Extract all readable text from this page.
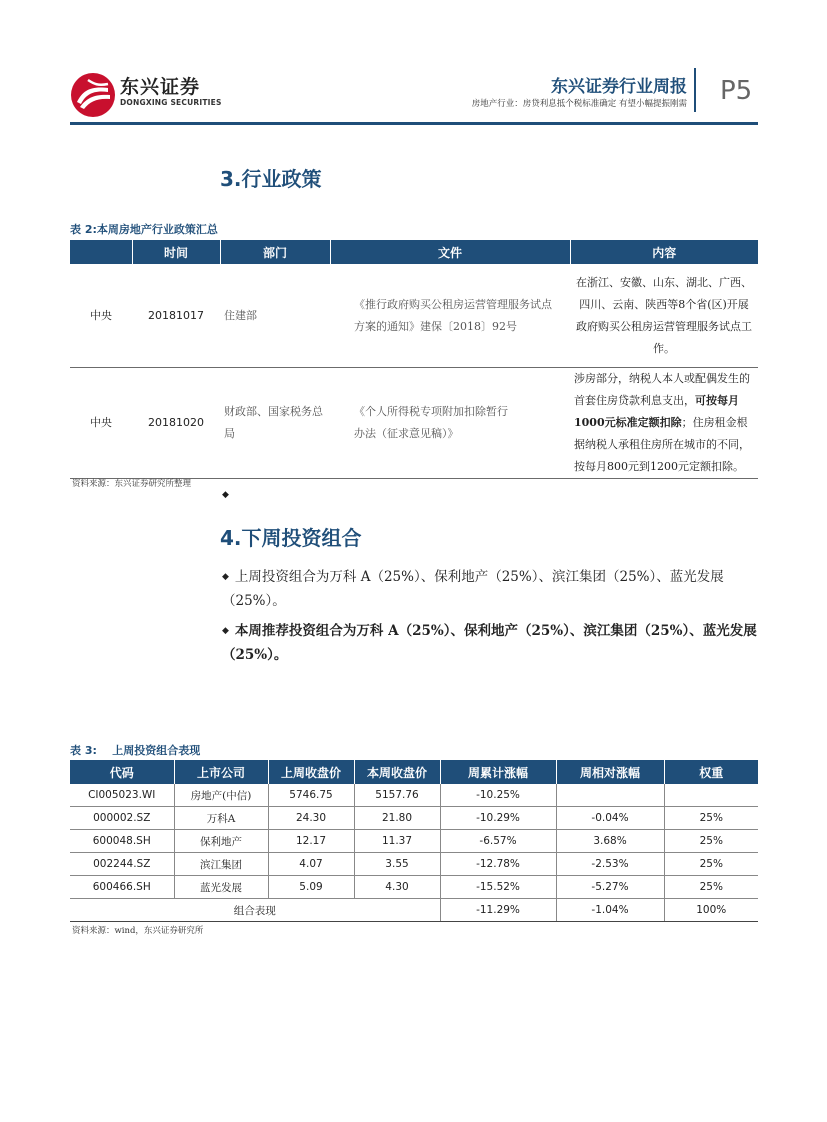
东兴证券
DONGXING SECURITIES
东兴证券行业周报
房地产行业：房贷利息抵个税标准确定 有望小幅提振刚需 P5
3.行业政策
表 2:本周房地产行业政策汇总
	时间	部门	文件	内容
中央	20181017	住建部	《推行政府购买公租房运营管理服务试点方案的通知》建保〔2018〕92号	在浙江、安徽、山东、湖北、广西、四川、云南、陕西等8个省(区)开展政府购买公租房运营管理服务试点工作。
中央	20181020	财政部、国家税务总局	《个人所得税专项附加扣除暂行办法（征求意见稿）》	涉房部分，纳税人本人或配偶发生的首套住房贷款利息支出，可按每月 1000元标准定额扣除；住房租金根据纳税人承租住房所在城市的不同，按每月800元到1200元定额扣除。
资料来源：东兴证券研究所整理
◆
4.下周投资组合
◆ 上周投资组合为万科 A（25%）、保利地产（25%）、滨江集团（25%）、蓝光发展（25%）。
◆ 本周推荐投资组合为万科 A（25%）、保利地产（25%）、滨江集团（25%）、蓝光发展（25%）。
表 3:    上周投资组合表现
代码	上市公司	上周收盘价	本周收盘价	周累计涨幅	周相对涨幅	权重
CI005023.WI	房地产(中信)	5746.75	5157.76	-10.25%		
000002.SZ	万科A	24.30	21.80	-10.29%	-0.04%	25%
600048.SH	保利地产	12.17	11.37	-6.57%	3.68%	25%
002244.SZ	滨江集团	4.07	3.55	-12.78%	-2.53%	25%
600466.SH	蓝光发展	5.09	4.30	-15.52%	-5.27%	25%
组合表现				-11.29%	-1.04%	100%
资料来源：wind，东兴证券研究所
